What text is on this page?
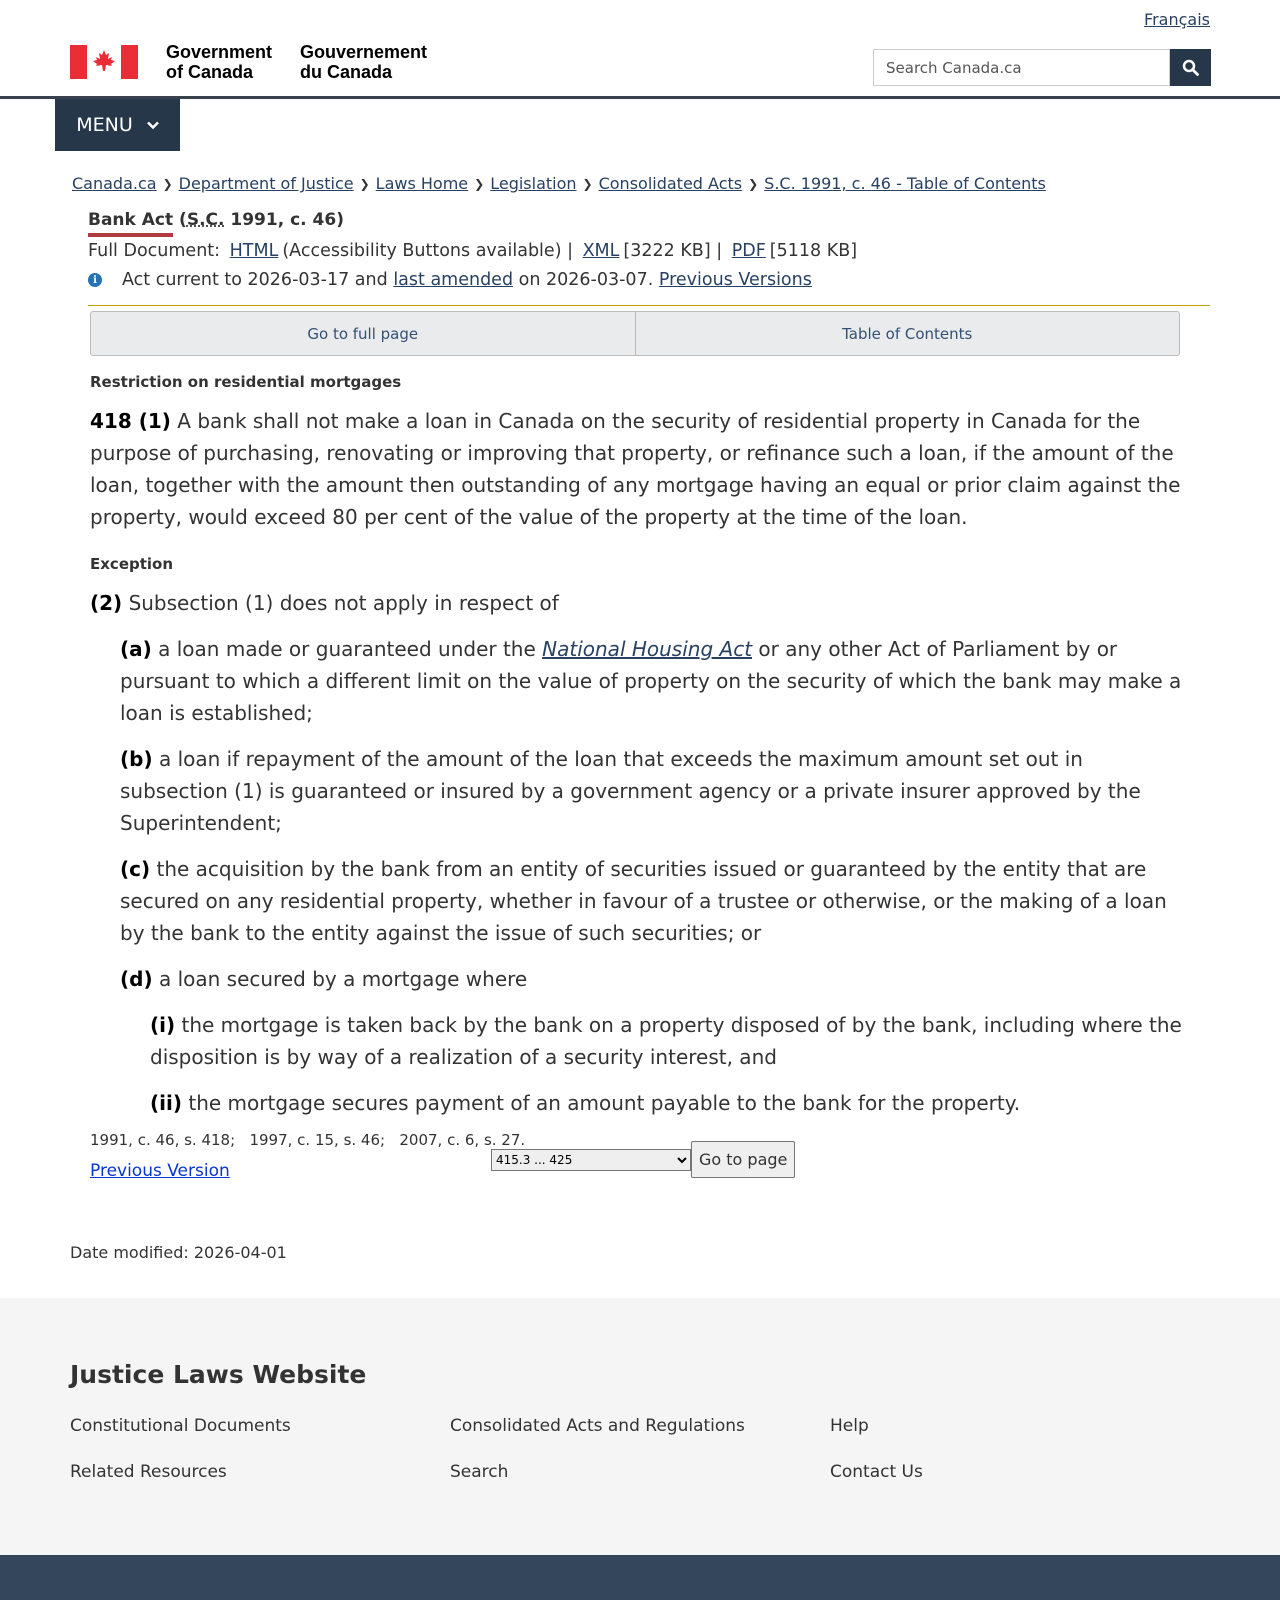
Français
Government
of Canada
Gouvernement
du Canada
Search Canada.ca
MENU
Canada.ca ❯ Department of Justice ❯ Laws Home ❯ Legislation ❯ Consolidated Acts ❯ S.C. 1991, c. 46 - Table of Contents
Bank Act (S.C. 1991, c. 46)
Full Document: HTML (Accessibility Buttons available) | XML [3222 KB] | PDF [5118 KB]
i Act current to 2026-03-17 and last amended on 2026-03-07. Previous Versions
Go to full page	Table of Contents
Restriction on residential mortgages
418 (1) A bank shall not make a loan in Canada on the security of residential property in Canada for the purpose of purchasing, renovating or improving that property, or refinance such a loan, if the amount of the loan, together with the amount then outstanding of any mortgage having an equal or prior claim against the property, would exceed 80 per cent of the value of the property at the time of the loan.
Exception
(2) Subsection (1) does not apply in respect of
(a) a loan made or guaranteed under the National Housing Act or any other Act of Parliament by or pursuant to which a different limit on the value of property on the security of which the bank may make a loan is established;
(b) a loan if repayment of the amount of the loan that exceeds the maximum amount set out in subsection (1) is guaranteed or insured by a government agency or a private insurer approved by the Superintendent;
(c) the acquisition by the bank from an entity of securities issued or guaranteed by the entity that are secured on any residential property, whether in favour of a trustee or otherwise, or the making of a loan by the bank to the entity against the issue of such securities; or
(d) a loan secured by a mortgage where
(i) the mortgage is taken back by the bank on a property disposed of by the bank, including where the disposition is by way of a realization of a security interest, and
(ii) the mortgage secures payment of an amount payable to the bank for the property.
1991, c. 46, s. 418;   1997, c. 15, s. 46;   2007, c. 6, s. 27.
Previous Version
415.3 ... 425
Go to page
Date modified: 2026-04-01
Justice Laws Website
Constitutional Documents	Consolidated Acts and Regulations	Help
Related Resources	Search	Contact Us
